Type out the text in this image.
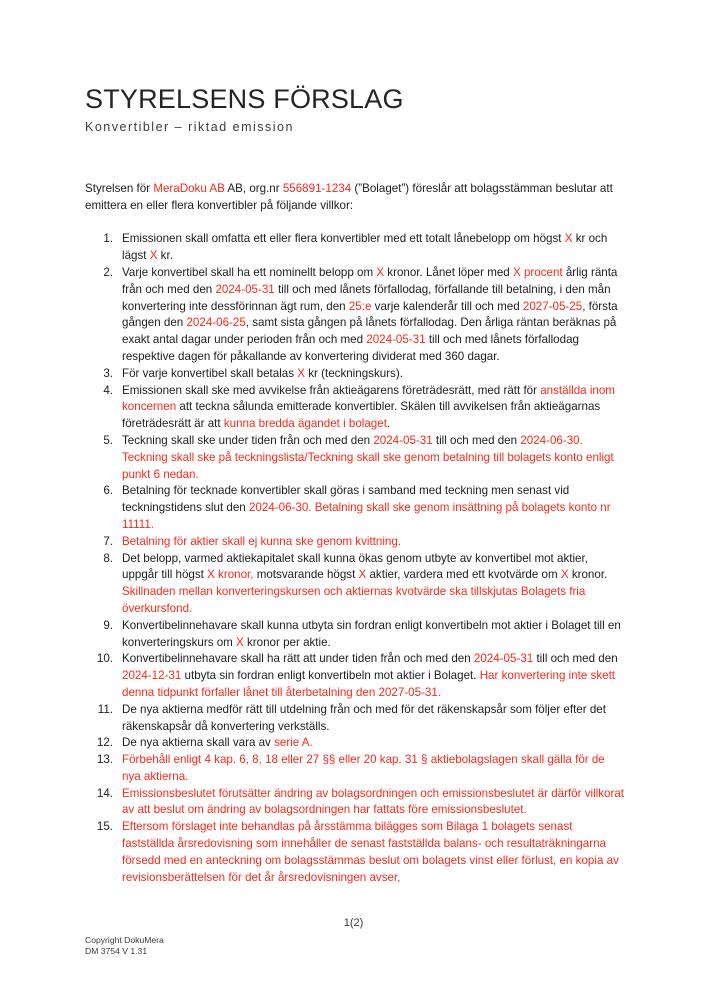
STYRELSENS FÖRSLAG
Konvertibler – riktad emission

Styrelsen för MeraDoku AB AB, org.nr 556891-1234 (”Bolaget”) föreslår att bolagsstämman beslutar att emittera en eller flera konvertibler på följande villkor:

1. Emissionen skall omfatta ett eller flera konvertibler med ett totalt lånebelopp om högst X kr och lägst X kr.
2. Varje konvertibel skall ha ett nominellt belopp om X kronor. Lånet löper med X procent årlig ränta från och med den 2024-05-31 till och med lånets förfallodag, förfallande till betalning, i den mån konvertering inte dessförinnan ägt rum, den 25:e varje kalenderår till och med 2027-05-25, första gången den 2024-06-25, samt sista gången på lånets förfallodag. Den årliga räntan beräknas på exakt antal dagar under perioden från och med 2024-05-31 till och med lånets förfallodag respektive dagen för påkallande av konvertering dividerat med 360 dagar.
3. För varje konvertibel skall betalas X kr (teckningskurs).
4. Emissionen skall ske med avvikelse från aktieägarens företrädesrätt, med rätt för anställda inom koncernen att teckna sålunda emitterade konvertibler. Skälen till avvikelsen från aktieägarnas företrädesrätt är att kunna bredda ägandet i bolaget.
5. Teckning skall ske under tiden från och med den 2024-05-31 till och med den 2024-06-30. Teckning skall ske på teckningslista/Teckning skall ske genom betalning till bolagets konto enligt punkt 6 nedan.
6. Betalning för tecknade konvertibler skall göras i samband med teckning men senast vid teckningstidens slut den 2024-06-30. Betalning skall ske genom insättning på bolagets konto nr 11111.
7. Betalning för aktier skall ej kunna ske genom kvittning.
8. Det belopp, varmed aktiekapitalet skall kunna ökas genom utbyte av konvertibel mot aktier, uppgår till högst X kronor, motsvarande högst X aktier, vardera med ett kvotvärde om X kronor. Skillnaden mellan konverteringskursen och aktiernas kvotvärde ska tillskjutas Bolagets fria överkursfond.
9. Konvertibelinnehavare skall kunna utbyta sin fordran enligt konvertibeln mot aktier i Bolaget till en konverteringskurs om X kronor per aktie.
10. Konvertibelinnehavare skall ha rätt att under tiden från och med den 2024-05-31 till och med den 2024-12-31 utbyta sin fordran enligt konvertibeln mot aktier i Bolaget. Har konvertering inte skett denna tidpunkt förfaller lånet till återbetalning den 2027-05-31.
11. De nya aktierna medför rätt till utdelning från och med för det räkenskapsår som följer efter det räkenskapsår då konvertering verkställs.
12. De nya aktierna skall vara av serie A.
13. Förbehåll enligt 4 kap. 6, 8, 18 eller 27 §§ eller 20 kap. 31 § aktiebolagslagen skall gälla för de nya aktierna.
14. Emissionsbeslutet förutsätter ändring av bolagsordningen och emissionsbeslutet är därför villkorat av att beslut om ändring av bolagsordningen har fattats före emissionsbeslutet.
15. Eftersom förslaget inte behandlas på årsstämma bilägges som Bilaga 1 bolagets senast fastställda årsredovisning som innehåller de senast fastställda balans- och resultaträkningarna försedd med en anteckning om bolagsstämmas beslut om bolagets vinst eller förlust, en kopia av revisionsberättelsen för det år årsredovisningen avser,
1(2)
Copyright DokuMera
DM 3754 V 1.31
